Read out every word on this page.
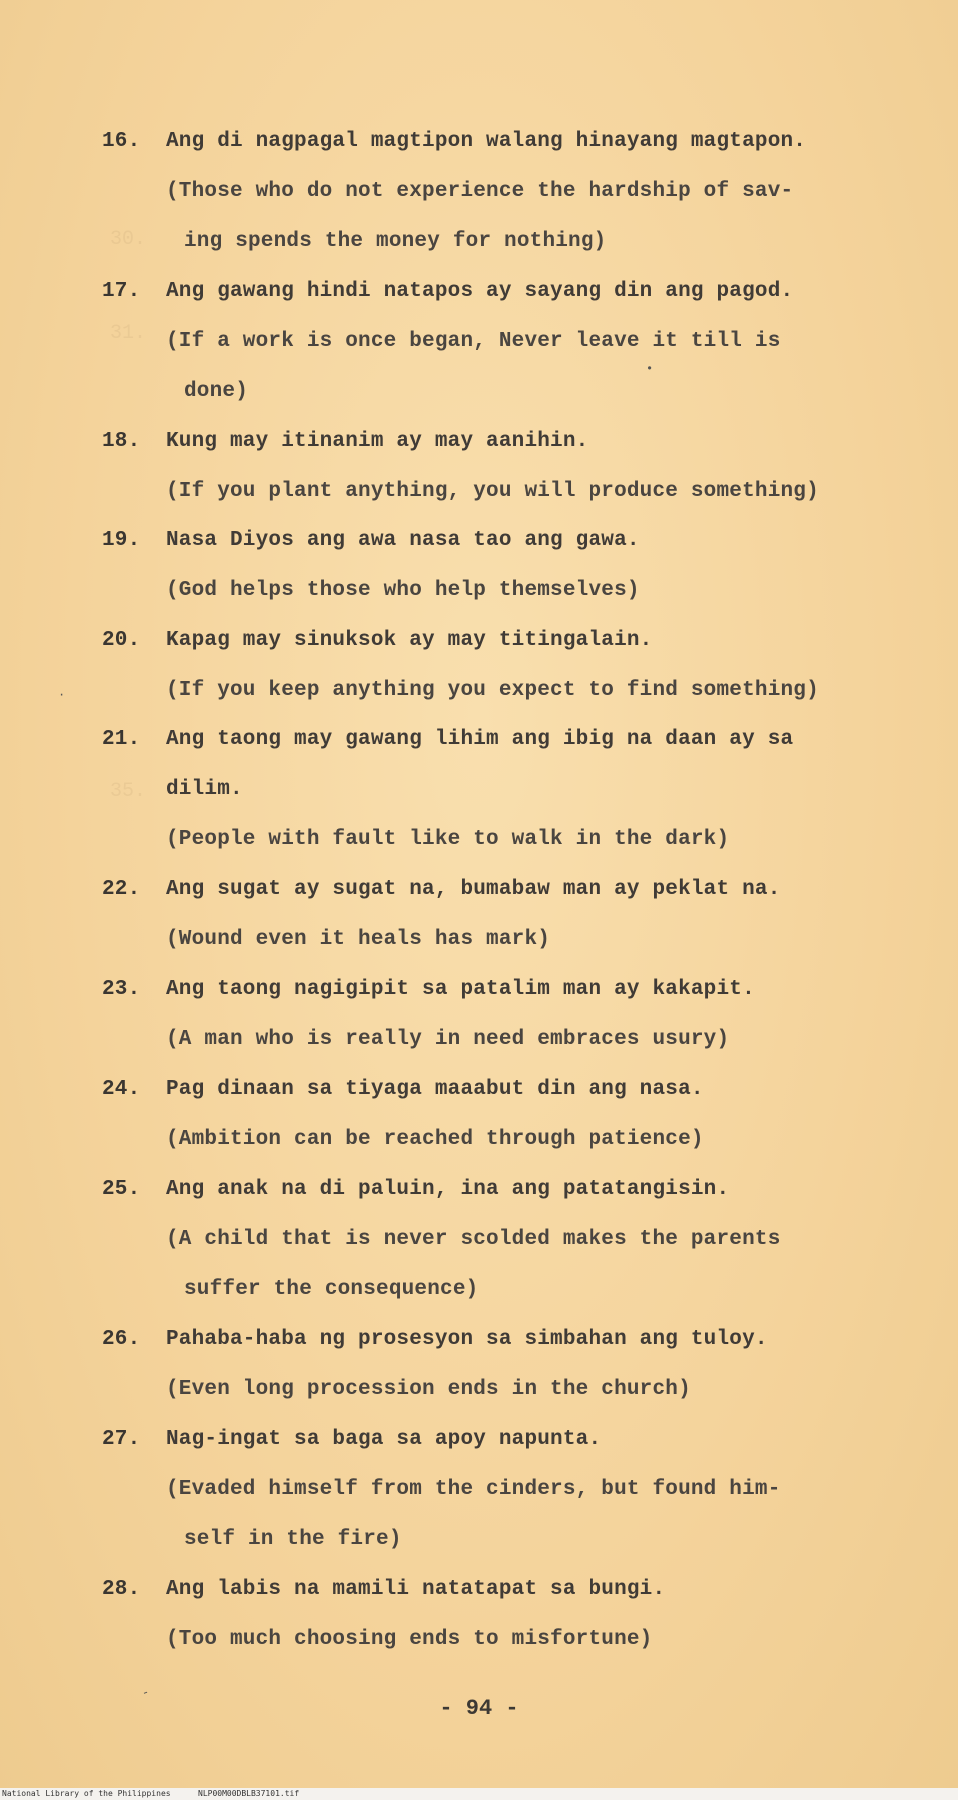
30.
31.
35.
16. Ang di nagpagal magtipon walang hinayang magtapon.
(Those who do not experience the hardship of sav-
ing spends the money for nothing)
17. Ang gawang hindi natapos ay sayang din ang pagod.
(If a work is once began, Never leave it till is
done)
18. Kung may itinanim ay may aanihin.
(If you plant anything, you will produce something)
19. Nasa Diyos ang awa nasa tao ang gawa.
(God helps those who help themselves)
20. Kapag may sinuksok ay may titingalain.
(If you keep anything you expect to find something)
21. Ang taong may gawang lihim ang ibig na daan ay sa
dilim.
(People with fault like to walk in the dark)
22. Ang sugat ay sugat na, bumabaw man ay peklat na.
(Wound even it heals has mark)
23. Ang taong nagigipit sa patalim man ay kakapit.
(A man who is really in need embraces usury)
24. Pag dinaan sa tiyaga maaabut din ang nasa.
(Ambition can be reached through patience)
25. Ang anak na di paluin, ina ang patatangisin.
(A child that is never scolded makes the parents
suffer the consequence)
26. Pahaba-haba ng prosesyon sa simbahan ang tuloy.
(Even long procession ends in the church)
27. Nag-ingat sa baga sa apoy napunta.
(Evaded himself from the cinders, but found him-
self in the fire)
28. Ang labis na mamili natatapat sa bungi.
(Too much choosing ends to misfortune)
•
·
-
- 94 -
National Library of the Philippines	NLP00M00DBLB37101.tif
